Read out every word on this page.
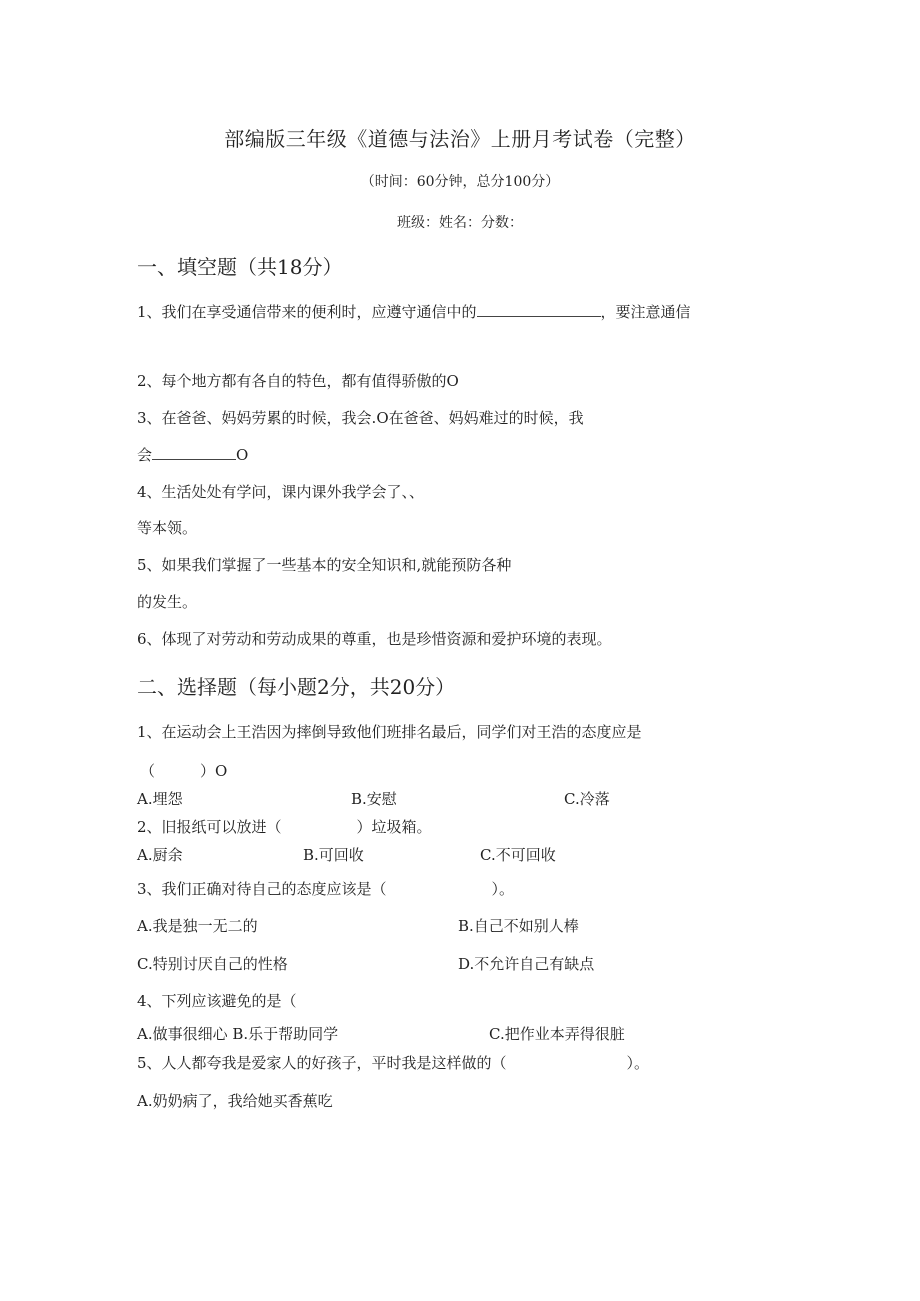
部编版三年级《道德与法治》上册月考试卷（完整）
（时间：60分钟，总分100分）
班级：姓名：分数：
一、填空题（共18分）
1、我们在享受通信带来的便利时，应遵守通信中的	，要注意通信
2、每个地方都有各自的特色，都有值得骄傲的O
3、在爸爸、妈妈劳累的时候，我会.O在爸爸、妈妈难过的时候，我
会	O
4、生活处处有学问，课内课外我学会了、、
等本领。
5、如果我们掌握了一些基本的安全知识和,就能预防各种
的发生。
6、体现了对劳动和劳动成果的尊重，也是珍惜资源和爱护环境的表现。
二、选择题（每小题2分，共20分）
1、在运动会上王浩因为摔倒导致他们班排名最后，同学们对王浩的态度应是
（　　　）O
A.埋怨	B.安慰	C.冷落
2、旧报纸可以放进（　　　　　）垃圾箱。
A.厨余	B.可回收	C.不可回收
3、我们正确对待自己的态度应该是（　　　　　　　）。
A.我是独一无二的	B.自己不如别人棒
C.特别讨厌自己的性格	D.不允许自己有缺点
4、下列应该避免的是（
A.做事很细心 B.乐于帮助同学	C.把作业本弄得很脏
5、人人都夸我是爱家人的好孩子，平时我是这样做的（　　　　　　　　）。
A.奶奶病了，我给她买香蕉吃
